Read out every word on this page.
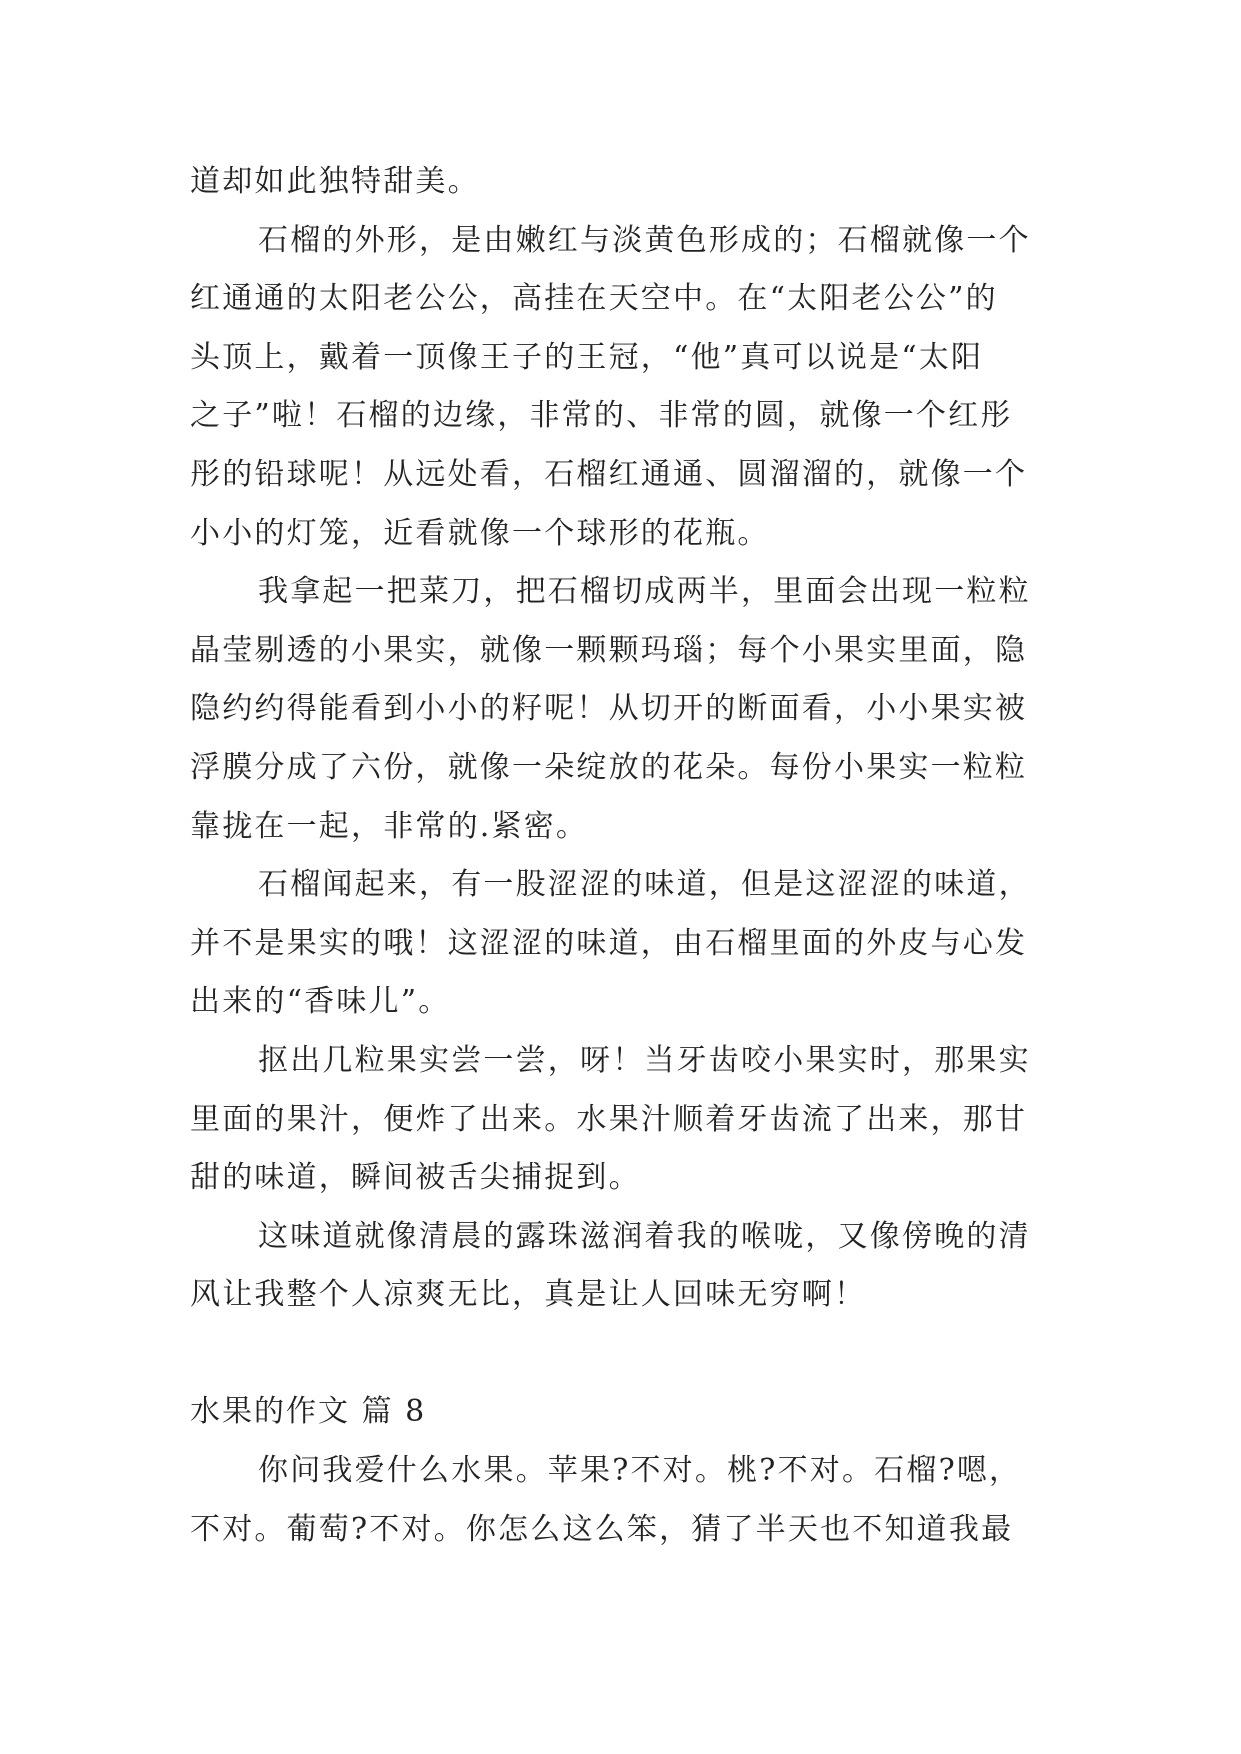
道却如此独特甜美。
石榴的外形，是由嫩红与淡黄色形成的；石榴就像一个
红通通的太阳老公公，高挂在天空中。在“太阳老公公”的
头顶上，戴着一顶像王子的王冠，“他”真可以说是“太阳
之子”啦！石榴的边缘，非常的、非常的圆，就像一个红彤
彤的铅球呢！从远处看，石榴红通通、圆溜溜的，就像一个
小小的灯笼，近看就像一个球形的花瓶。
我拿起一把菜刀，把石榴切成两半，里面会出现一粒粒
晶莹剔透的小果实，就像一颗颗玛瑙；每个小果实里面，隐
隐约约得能看到小小的籽呢！从切开的断面看，小小果实被
浮膜分成了六份，就像一朵绽放的花朵。每份小果实一粒粒
靠拢在一起，非常的.紧密。
石榴闻起来，有一股涩涩的味道，但是这涩涩的味道，
并不是果实的哦！这涩涩的味道，由石榴里面的外皮与心发
出来的“香味儿”。
抠出几粒果实尝一尝，呀！当牙齿咬小果实时，那果实
里面的果汁，便炸了出来。水果汁顺着牙齿流了出来，那甘
甜的味道，瞬间被舌尖捕捉到。
这味道就像清晨的露珠滋润着我的喉咙，又像傍晚的清
风让我整个人凉爽无比，真是让人回味无穷啊！
水果的作文 篇 8
你问我爱什么水果。苹果?不对。桃?不对。石榴?嗯，
不对。葡萄?不对。你怎么这么笨，猜了半天也不知道我最
